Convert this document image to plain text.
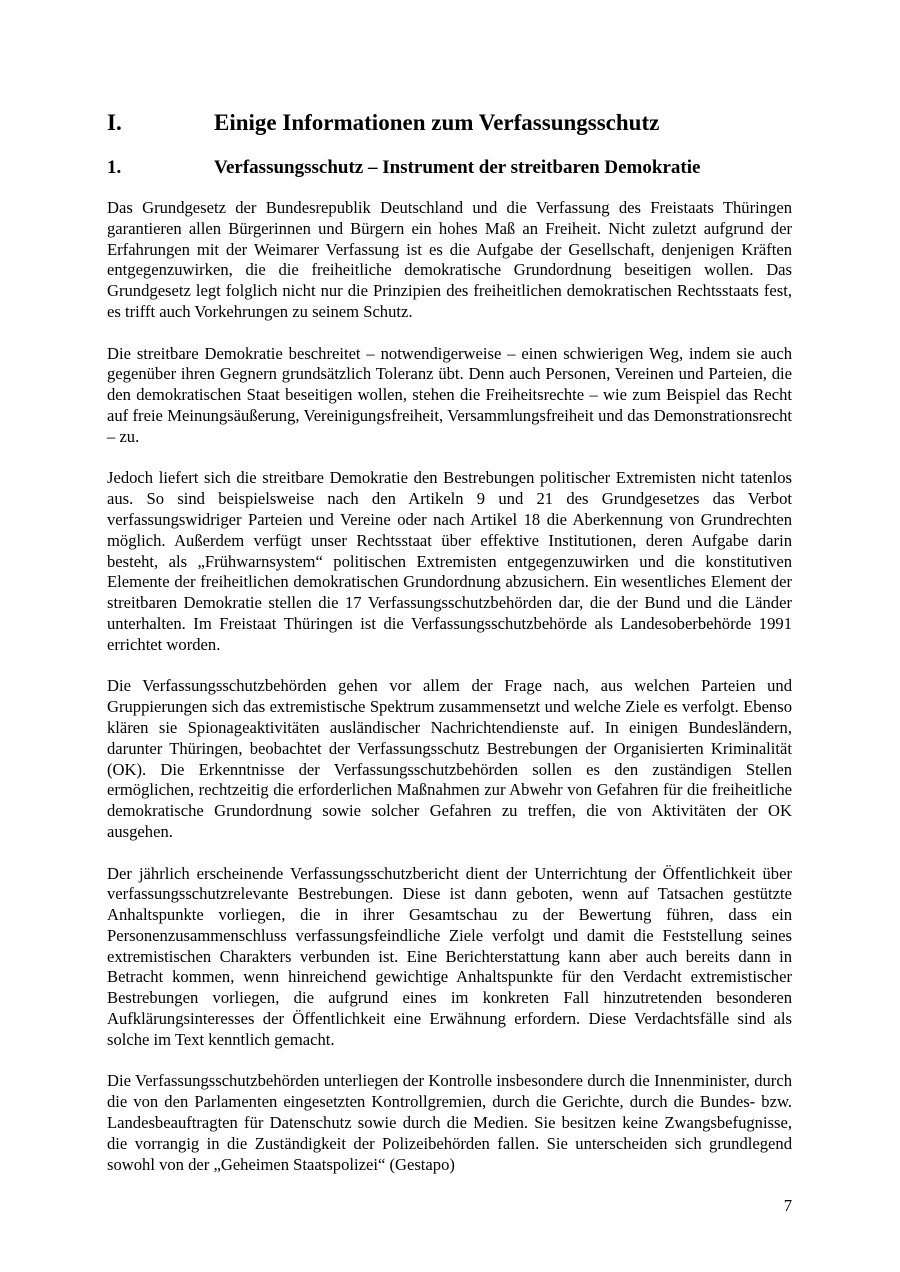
I.	Einige Informationen zum Verfassungsschutz
1.	Verfassungsschutz – Instrument der streitbaren Demokratie

Das Grundgesetz der Bundesrepublik Deutschland und die Verfassung des Freistaats Thüringen garantieren allen Bürgerinnen und Bürgern ein hohes Maß an Freiheit. Nicht zuletzt aufgrund der Erfahrungen mit der Weimarer Verfassung ist es die Aufgabe der Gesellschaft, denjenigen Kräften entgegenzuwirken, die die freiheitliche demokratische Grundordnung beseitigen wollen. Das Grundgesetz legt folglich nicht nur die Prinzipien des freiheitlichen demokratischen Rechtsstaats fest, es trifft auch Vorkehrungen zu seinem Schutz.

Die streitbare Demokratie beschreitet – notwendigerweise – einen schwierigen Weg, indem sie auch gegenüber ihren Gegnern grundsätzlich Toleranz übt. Denn auch Personen, Vereinen und Parteien, die den demokratischen Staat beseitigen wollen, stehen die Freiheitsrechte – wie zum Beispiel das Recht auf freie Meinungsäußerung, Vereinigungsfreiheit, Versammlungsfreiheit und das Demonstrationsrecht – zu.

Jedoch liefert sich die streitbare Demokratie den Bestrebungen politischer Extremisten nicht tatenlos aus. So sind beispielsweise nach den Artikeln 9 und 21 des Grundgesetzes das Verbot verfassungswidriger Parteien und Vereine oder nach Artikel 18 die Aberkennung von Grundrechten möglich. Außerdem verfügt unser Rechtsstaat über effektive Institutionen, deren Aufgabe darin besteht, als „Frühwarnsystem“ politischen Extremisten entgegenzuwirken und die konstitutiven Elemente der freiheitlichen demokratischen Grundordnung abzusichern. Ein wesentliches Element der streitbaren Demokratie stellen die 17 Verfassungsschutzbehörden dar, die der Bund und die Länder unterhalten. Im Freistaat Thüringen ist die Verfassungsschutzbehörde als Landesoberbehörde 1991 errichtet worden.

Die Verfassungsschutzbehörden gehen vor allem der Frage nach, aus welchen Parteien und Gruppierungen sich das extremistische Spektrum zusammensetzt und welche Ziele es verfolgt. Ebenso klären sie Spionageaktivitäten ausländischer Nachrichtendienste auf. In einigen Bundesländern, darunter Thüringen, beobachtet der Verfassungsschutz Bestrebungen der Organisierten Kriminalität (OK). Die Erkenntnisse der Verfassungsschutzbehörden sollen es den zuständigen Stellen ermöglichen, rechtzeitig die erforderlichen Maßnahmen zur Abwehr von Gefahren für die freiheitliche demokratische Grundordnung sowie solcher Gefahren zu treffen, die von Aktivitäten der OK ausgehen.

Der jährlich erscheinende Verfassungsschutzbericht dient der Unterrichtung der Öffentlichkeit über verfassungsschutzrelevante Bestrebungen. Diese ist dann geboten, wenn auf Tatsachen gestützte Anhaltspunkte vorliegen, die in ihrer Gesamtschau zu der Bewertung führen, dass ein Personenzusammenschluss verfassungsfeindliche Ziele verfolgt und damit die Feststellung seines extremistischen Charakters verbunden ist. Eine Berichterstattung kann aber auch bereits dann in Betracht kommen, wenn hinreichend gewichtige Anhaltspunkte für den Verdacht extremistischer Bestrebungen vorliegen, die aufgrund eines im konkreten Fall hinzutretenden besonderen Aufklärungsinteresses der Öffentlichkeit eine Erwähnung erfordern. Diese Verdachtsfälle sind als solche im Text kenntlich gemacht.

Die Verfassungsschutzbehörden unterliegen der Kontrolle insbesondere durch die Innenminister, durch die von den Parlamenten eingesetzten Kontrollgremien, durch die Gerichte, durch die Bundes- bzw. Landesbeauftragten für Datenschutz sowie durch die Medien. Sie besitzen keine Zwangsbefugnisse, die vorrangig in die Zuständigkeit der Polizeibehörden fallen. Sie unterscheiden sich grundlegend sowohl von der „Geheimen Staatspolizei“ (Gestapo)

7
